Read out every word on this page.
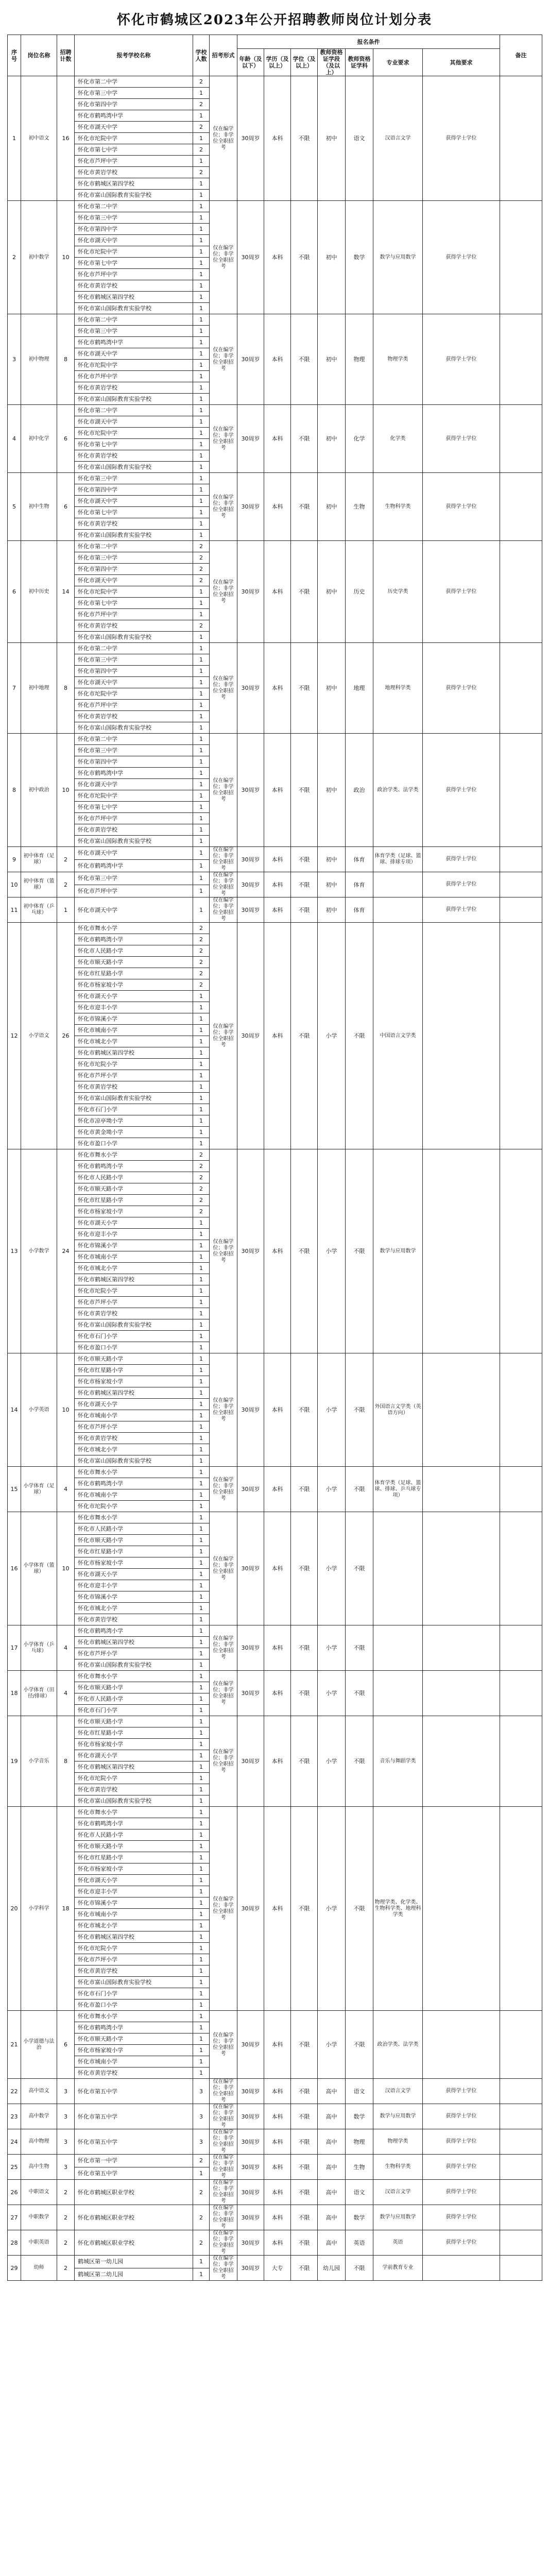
怀化市鹤城区2023年公开招聘教师岗位计划分表
序号	岗位名称	招聘计数	报考学校名称	学校人数	招考形式	报名条件							备注
						年龄（及以下）	学历（及以上）	学位（及以上）	教师资格证学段（及以上）	教师资格证学科	专业要求	其他要求	
1	初中语文	16	怀化市第二中学	2	仅在编学位；非学位全职招考	30周岁	本科	不限	初中	语文	汉语言文学	获得学士学位	
			怀化市第三中学	1									
			怀化市第四中学	2									
			怀化市鹤鸣湾中学	1									
			怀化市湖天中学	2									
			怀化市坨院中学	1									
			怀化市第七中学	2									
			怀化市芦坪中学	1									
			怀化市黄岩学校	2									
			怀化市鹤城区第四学校	1									
			怀化市富山国际教育实验学校	1									
2	初中数学	10	怀化市第二中学	1	仅在编学位；非学位全职招考	30周岁	本科	不限	初中	数学	数学与应用数学	获得学士学位	
			怀化市第三中学	1									
			怀化市第四中学	1									
			怀化市湖天中学	1									
			怀化市坨院中学	1									
			怀化市第七中学	1									
			怀化市芦坪中学	1									
			怀化市黄岩学校	1									
			怀化市鹤城区第四学校	1									
			怀化市富山国际教育实验学校	1									
3	初中物理	8	怀化市第二中学	1	仅在编学位；非学位全职招考	30周岁	本科	不限	初中	物理	物理学类	获得学士学位	
			怀化市第三中学	1									
			怀化市鹤鸣湾中学	1									
			怀化市湖天中学	1									
			怀化市坨院中学	1									
			怀化市芦坪中学	1									
			怀化市黄岩学校	1									
			怀化市富山国际教育实验学校	1									
4	初中化学	6	怀化市第二中学	1	仅在编学位；非学位全职招考	30周岁	本科	不限	初中	化学	化学类	获得学士学位	
			怀化市湖天中学	1									
			怀化市坨院中学	1									
			怀化市第七中学	1									
			怀化市黄岩学校	1									
			怀化市富山国际教育实验学校	1									
5	初中生物	6	怀化市第三中学	1	仅在编学位；非学位全职招考	30周岁	本科	不限	初中	生物	生物科学类	获得学士学位	
			怀化市第四中学	1									
			怀化市湖天中学	1									
			怀化市第七中学	1									
			怀化市黄岩学校	1									
			怀化市富山国际教育实验学校	1									
6	初中历史	14	怀化市第二中学	2	仅在编学位；非学位全职招考	30周岁	本科	不限	初中	历史	历史学类	获得学士学位	
			怀化市第三中学	2									
			怀化市第四中学	2									
			怀化市湖天中学	2									
			怀化市坨院中学	1									
			怀化市第七中学	1									
			怀化市芦坪中学	1									
			怀化市黄岩学校	2									
			怀化市富山国际教育实验学校	1									
7	初中地理	8	怀化市第二中学	1	仅在编学位；非学位全职招考	30周岁	本科	不限	初中	地理	地理科学类	获得学士学位	
			怀化市第三中学	1									
			怀化市第四中学	1									
			怀化市湖天中学	1									
			怀化市坨院中学	1									
			怀化市芦坪中学	1									
			怀化市黄岩学校	1									
			怀化市富山国际教育实验学校	1									
8	初中政治	10	怀化市第二中学	1	仅在编学位；非学位全职招考	30周岁	本科	不限	初中	政治	政治学类、法学类	获得学士学位	
			怀化市第三中学	1									
			怀化市第四中学	1									
			怀化市鹤鸣湾中学	1									
			怀化市湖天中学	1									
			怀化市坨院中学	1									
			怀化市第七中学	1									
			怀化市芦坪中学	1									
			怀化市黄岩学校	1									
			怀化市富山国际教育实验学校	1									
9	初中体育（足球）	2	怀化市湖天中学	1	仅在编学位；非学位全职招考	30周岁	本科	不限	初中	体育	体育学类（足球、篮球、排球专项）	获得学士学位	
			怀化市鹤鸣湾中学	1									
10	初中体育（篮球）	2	怀化市第三中学	1	仅在编学位；非学位全职招考	30周岁	本科	不限	初中	体育		获得学士学位	
			怀化市芦坪中学	1									
11	初中体育（乒乓球）	1	怀化市湖天中学	1	仅在编学位；非学位全职招考	30周岁	本科	不限	初中	体育		获得学士学位	
12	小学语文	26	怀化市舞水小学	2	仅在编学位；非学位全职招考	30周岁	本科	不限	小学	不限	中国语言文学类		
			怀化市鹤鸣湾小学	2									
			怀化市人民路小学	2									
			怀化市顺天路小学	2									
			怀化市红星路小学	2									
			怀化市杨家坡小学	2									
			怀化市湖天小学	1									
			怀化市迎丰小学	1									
			怀化市锦溪小学	1									
			怀化市城南小学	1									
			怀化市城北小学	1									
			怀化市鹤城区第四学校	1									
			怀化市坨院小学	1									
			怀化市芦坪小学	1									
			怀化市黄岩学校	1									
			怀化市富山国际教育实验学校	1									
			怀化市石门小学	1									
			怀化市凉亭坳小学	1									
			怀化市黄金坳小学	1									
			怀化市盈口小学	1									
13	小学数学	24	怀化市舞水小学	2	仅在编学位；非学位全职招考	30周岁	本科	不限	小学	不限	数学与应用数学		
			怀化市鹤鸣湾小学	2									
			怀化市人民路小学	2									
			怀化市顺天路小学	2									
			怀化市红星路小学	2									
			怀化市杨家坡小学	2									
			怀化市湖天小学	1									
			怀化市迎丰小学	1									
			怀化市锦溪小学	1									
			怀化市城南小学	1									
			怀化市城北小学	1									
			怀化市鹤城区第四学校	1									
			怀化市坨院小学	1									
			怀化市芦坪小学	1									
			怀化市黄岩学校	1									
			怀化市富山国际教育实验学校	1									
			怀化市石门小学	1									
			怀化市盈口小学	1									
14	小学英语	10	怀化市顺天路小学	1	仅在编学位；非学位全职招考	30周岁	本科	不限	小学	不限	外国语言文学类（英语方向）		
			怀化市红星路小学	1									
			怀化市杨家坡小学	1									
			怀化市鹤城区第四学校	1									
			怀化市湖天小学	1									
			怀化市城南小学	1									
			怀化市芦坪小学	1									
			怀化市黄岩学校	1									
			怀化市城北小学	1									
			怀化市富山国际教育实验学校	1									
15	小学体育（足球）	4	怀化市舞水小学	1	仅在编学位；非学位全职招考	30周岁	本科	不限	小学	不限	体育学类（足球、篮球、排球、乒乓球专项）		
			怀化市鹤鸣湾小学	1									
			怀化市城南小学	1									
			怀化市坨院小学	1									
16	小学体育（篮球）	10	怀化市舞水小学	1	仅在编学位；非学位全职招考	30周岁	本科	不限	小学	不限			
			怀化市人民路小学	1									
			怀化市顺天路小学	1									
			怀化市红星路小学	1									
			怀化市杨家坡小学	1									
			怀化市湖天小学	1									
			怀化市迎丰小学	1									
			怀化市锦溪小学	1									
			怀化市城北小学	1									
			怀化市黄岩学校	1									
17	小学体育（乒乓球）	4	怀化市鹤鸣湾小学	1	仅在编学位；非学位全职招考	30周岁	本科	不限	小学	不限			
			怀化市鹤城区第四学校	1									
			怀化市芦坪小学	1									
			怀化市富山国际教育实验学校	1									
18	小学体育（田径/排球）	4	怀化市舞水小学	1	仅在编学位；非学位全职招考	30周岁	本科	不限	小学	不限			
			怀化市顺天路小学	1									
			怀化市人民路小学	1									
			怀化市石门小学	1									
19	小学音乐	8	怀化市顺天路小学	1	仅在编学位；非学位全职招考	30周岁	本科	不限	小学	不限	音乐与舞蹈学类		
			怀化市红星路小学	1									
			怀化市杨家坡小学	1									
			怀化市湖天小学	1									
			怀化市鹤城区第四学校	1									
			怀化市坨院小学	1									
			怀化市黄岩学校	1									
			怀化市富山国际教育实验学校	1									
20	小学科学	18	怀化市舞水小学	1	仅在编学位；非学位全职招考	30周岁	本科	不限	小学	不限	物理学类、化学类、生物科学类、地理科学类		
			怀化市鹤鸣湾小学	1									
			怀化市人民路小学	1									
			怀化市顺天路小学	1									
			怀化市红星路小学	1									
			怀化市杨家坡小学	1									
			怀化市湖天小学	1									
			怀化市迎丰小学	1									
			怀化市锦溪小学	1									
			怀化市城南小学	1									
			怀化市城北小学	1									
			怀化市鹤城区第四学校	1									
			怀化市坨院小学	1									
			怀化市芦坪小学	1									
			怀化市黄岩学校	1									
			怀化市富山国际教育实验学校	1									
			怀化市石门小学	1									
			怀化市盈口小学	1									
21	小学道德与法治	6	怀化市舞水小学	1	仅在编学位；非学位全职招考	30周岁	本科	不限	小学	不限	政治学类、法学类		
			怀化市鹤鸣湾小学	1									
			怀化市顺天路小学	1									
			怀化市杨家坡小学	1									
			怀化市城南小学	1									
			怀化市黄岩学校	1									
22	高中语文	3	怀化市第五中学	3	仅在编学位；非学位全职招考	30周岁	本科	不限	高中	语文	汉语言文学	获得学士学位	
23	高中数学	3	怀化市第五中学	3	仅在编学位；非学位全职招考	30周岁	本科	不限	高中	数学	数学与应用数学	获得学士学位	
24	高中物理	3	怀化市第五中学	3	仅在编学位；非学位全职招考	30周岁	本科	不限	高中	物理	物理学类	获得学士学位	
25	高中生物	3	怀化市第一中学	2	仅在编学位；非学位全职招考	30周岁	本科	不限	高中	生物	生物科学类	获得学士学位	
			怀化市第五中学	1									
26	中职语文	2	怀化市鹤城区职业学校	2	仅在编学位；非学位全职招考	30周岁	本科	不限	高中	语文	汉语言文学	获得学士学位	
27	中职数学	2	怀化市鹤城区职业学校	2	仅在编学位；非学位全职招考	30周岁	本科	不限	高中	数学	数学与应用数学	获得学士学位	
28	中职英语	2	怀化市鹤城区职业学校	2	仅在编学位；非学位全职招考	30周岁	本科	不限	高中	英语	英语	获得学士学位	
29	幼师	2	鹤城区第一幼儿园	1	仅在编学位；非学位全职招考	30周岁	大专	不限	幼儿园	不限	学前教育专业		
			鹤城区第二幼儿园	1									
